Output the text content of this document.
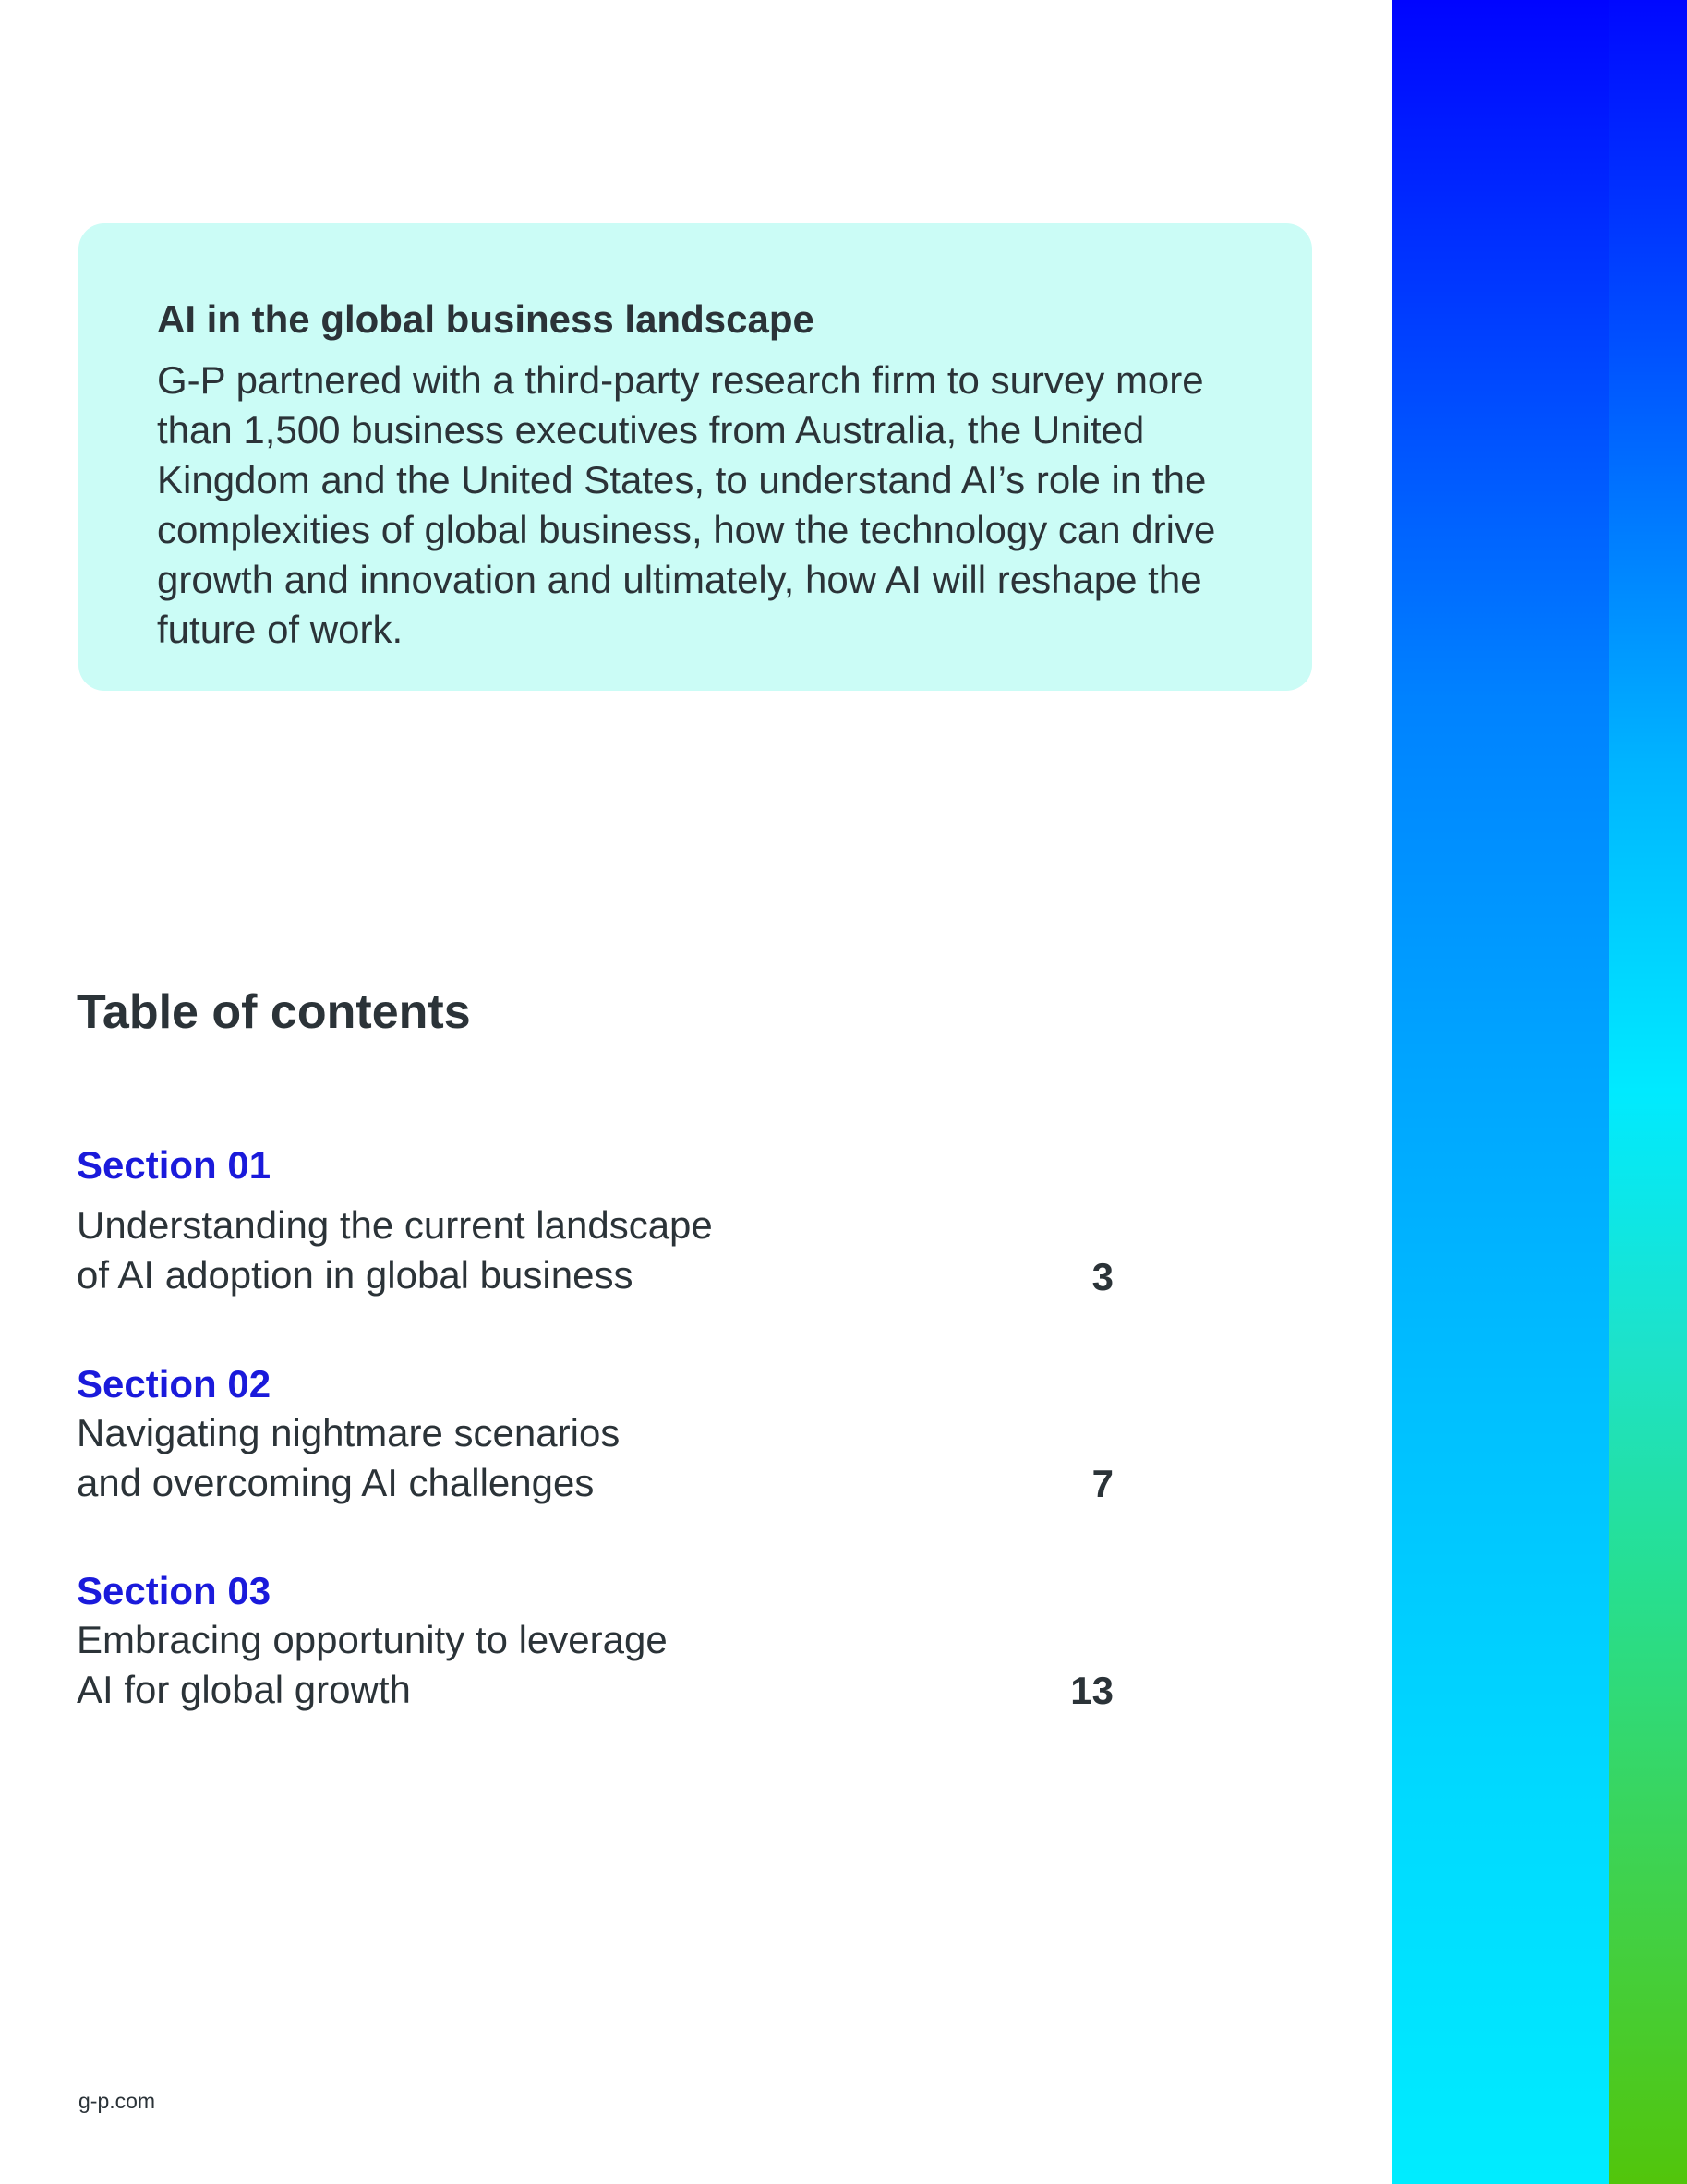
AI in the global business landscape

G-P partnered with a third-party research firm to survey more than 1,500 business executives from Australia, the United Kingdom and the United States, to understand AI’s role in the complexities of global business, how the technology can drive growth and innovation and ultimately, how AI will reshape the future of work.

Table of contents

Section 01

Understanding the current landscape
of AI adoption in global business	3

Section 02

Navigating nightmare scenarios
and overcoming AI challenges	7

Section 03

Embracing opportunity to leverage
AI for global growth	13
g-p.com
